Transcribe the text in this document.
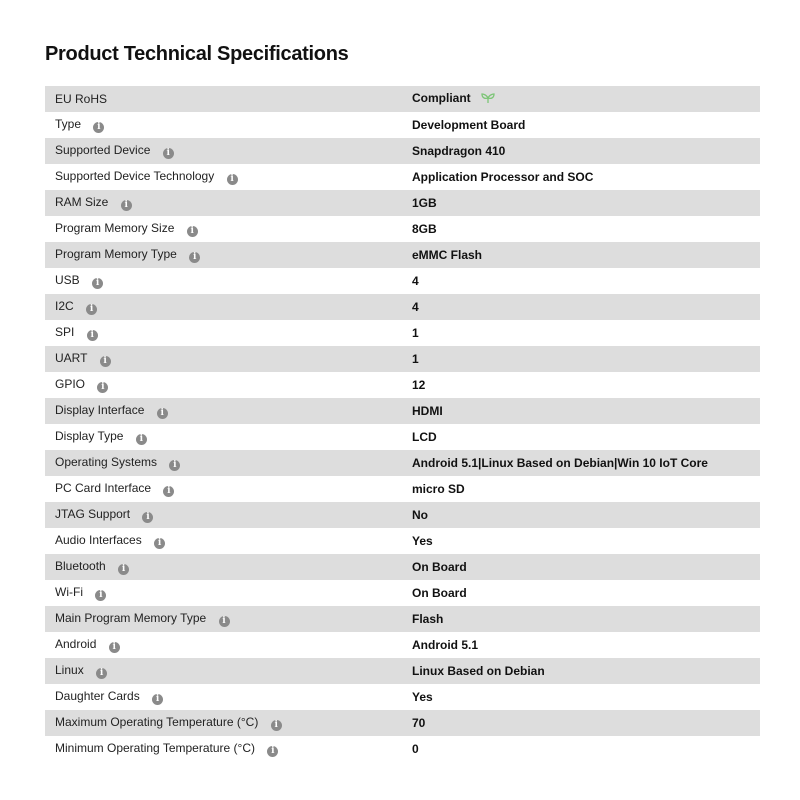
Product Technical Specifications
EU RoHS	Compliant
Type i	Development Board
Supported Device i	Snapdragon 410
Supported Device Technology i	Application Processor and SOC
RAM Size i	1GB
Program Memory Size i	8GB
Program Memory Type i	eMMC Flash
USB i	4
I2C i	4
SPI i	1
UART i	1
GPIO i	12
Display Interface i	HDMI
Display Type i	LCD
Operating Systems i	Android 5.1|Linux Based on Debian|Win 10 IoT Core
PC Card Interface i	micro SD
JTAG Support i	No
Audio Interfaces i	Yes
Bluetooth i	On Board
Wi-Fi i	On Board
Main Program Memory Type i	Flash
Android i	Android 5.1
Linux i	Linux Based on Debian
Daughter Cards i	Yes
Maximum Operating Temperature (°C) i	70
Minimum Operating Temperature (°C) i	0
